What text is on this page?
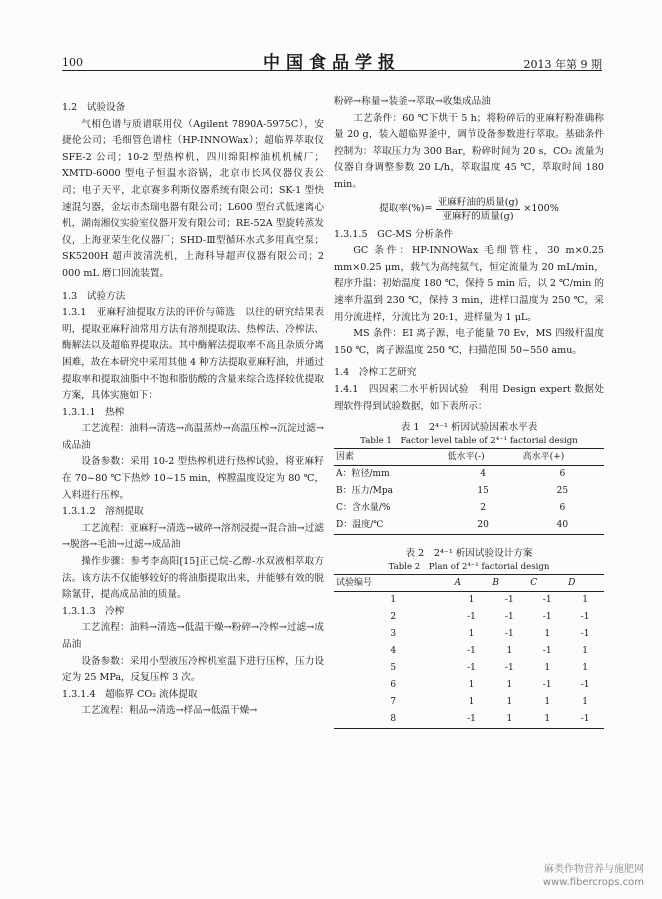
100	中国食品学报	2013 年第 9 期

1.2　试验设备

气相色谱与质谱联用仪（Agilent 7890A-5975C），安捷伦公司；毛细管色谱柱（HP-INNOWax）；超临界萃取仪 SFE-2 公司；10-2 型热榨机，四川绵阳榨油机机械厂；XMTD-6000 型电子恒温水浴锅，北京市长风仪器仪表公司；电子天平，北京赛多利斯仪器系统有限公司；SK-1 型快速混匀器，金坛市杰瑞电器有限公司；L600 型台式低速离心机，湖南湘仪实验室仪器开发有限公司；RE-52A 型旋转蒸发仪，上海亚荣生化仪器厂；SHD-Ⅲ型循环水式多用真空泵；SK5200H 超声波清洗机，上海科导超声仪器有限公司；2 000 mL 磨口回流装置。

1.3　试验方法

1.3.1　亚麻籽油提取方法的评价与筛选　以往的研究结果表明，提取亚麻籽油常用方法有溶剂提取法、热榨法、冷榨法、酶解法以及超临界提取法。其中酶解法提取率不高且杂质分离困难，故在本研究中采用其他 4 种方法提取亚麻籽油，并通过提取率和提取油脂中不饱和脂肪酸的含量来综合选择较优提取方案，具体实施如下：

1.3.1.1　热榨

工艺流程：油料→清选→高温蒸炒→高温压榨→沉淀过滤→成品油

设备参数：采用 10-2 型热榨机进行热榨试验，将亚麻籽在 70~80 ℃下热炒 10~15 min，榨膛温度设定为 80 ℃，入料进行压榨。

1.3.1.2　溶剂提取

工艺流程：亚麻籽→清选→破碎→溶剂浸提→混合油→过滤→脱溶→毛油→过滤→成品油

操作步骤：参考李高阳[15]正己烷-乙醇-水双液相萃取方法。该方法不仅能够较好的将油脂提取出来，并能够有效的脱除氰苷，提高成品油的质量。

1.3.1.3　冷榨

工艺流程：油料→清选→低温干燥→粉碎→冷榨→过滤→成品油

设备参数：采用小型液压冷榨机室温下进行压榨，压力设定为 25 MPa，反复压榨 3 次。

1.3.1.4　超临界 CO₂ 流体提取

工艺流程：粗品→清选→样品→低温干燥→

粉碎→称量→装釜→萃取→收集成品油

工艺条件：60 ℃下烘干 5 h；将粉碎后的亚麻籽粉准确称量 20 g，装入超临界釜中，调节设备参数进行萃取。基础条件控制为：萃取压力为 300 Bar，粉碎时间为 20 s，CO₂ 流量为仪器自身调整参数 20 L/h，萃取温度 45 ℃，萃取时间 180 min。

提取率(%)= $\frac{\text{亚麻籽油的质量(g)}}{\text{亚麻籽的质量(g)}} \times 100\%$

1.3.1.5　GC-MS 分析条件

GC 条件：HP-INNOWax 毛细管柱，30 m×0.25 mm×0.25 μm，载气为高纯氦气，恒定流量为 20 mL/min，程序升温：初始温度 180 ℃，保持 5 min 后，以 2 ℃/min 的速率升温到 230 ℃，保持 3 min，进样口温度为 250 ℃，采用分流进样，分流比为 20:1，进样量为 1 μL。

MS 条件：EI 离子源，电子能量 70 Ev，MS 四级杆温度 150 ℃，离子源温度 250 ℃，扫描范围 50~550 amu。

1.4　冷榨工艺研究

1.4.1　四因素二水平析因试验　利用 Design expert 数据处理软件得到试验数据，如下表所示：

表 1　2⁴⁻¹ 析因试验因素水平表
Table 1　Factor level table of 2⁴⁻¹ factorial design
因素	低水平(-)	高水平(+)
A：粒径/mm	4	6
B：压力/Mpa	15	25
C：含水量/%	2	6
D：温度/℃	20	40
表 2　2⁴⁻¹ 析因试验设计方案
Table 2　Plan of 2⁴⁻¹ factorial design
试验编号	A	B	C	D
1	1	-1	-1	1
2	-1	-1	-1	-1
3	1	-1	1	-1
4	-1	1	-1	1
5	-1	-1	1	1
6	1	1	-1	-1
7	1	1	1	1
8	-1	1	1	-1
麻类作物营养与施肥网
www.fibercrops.com
